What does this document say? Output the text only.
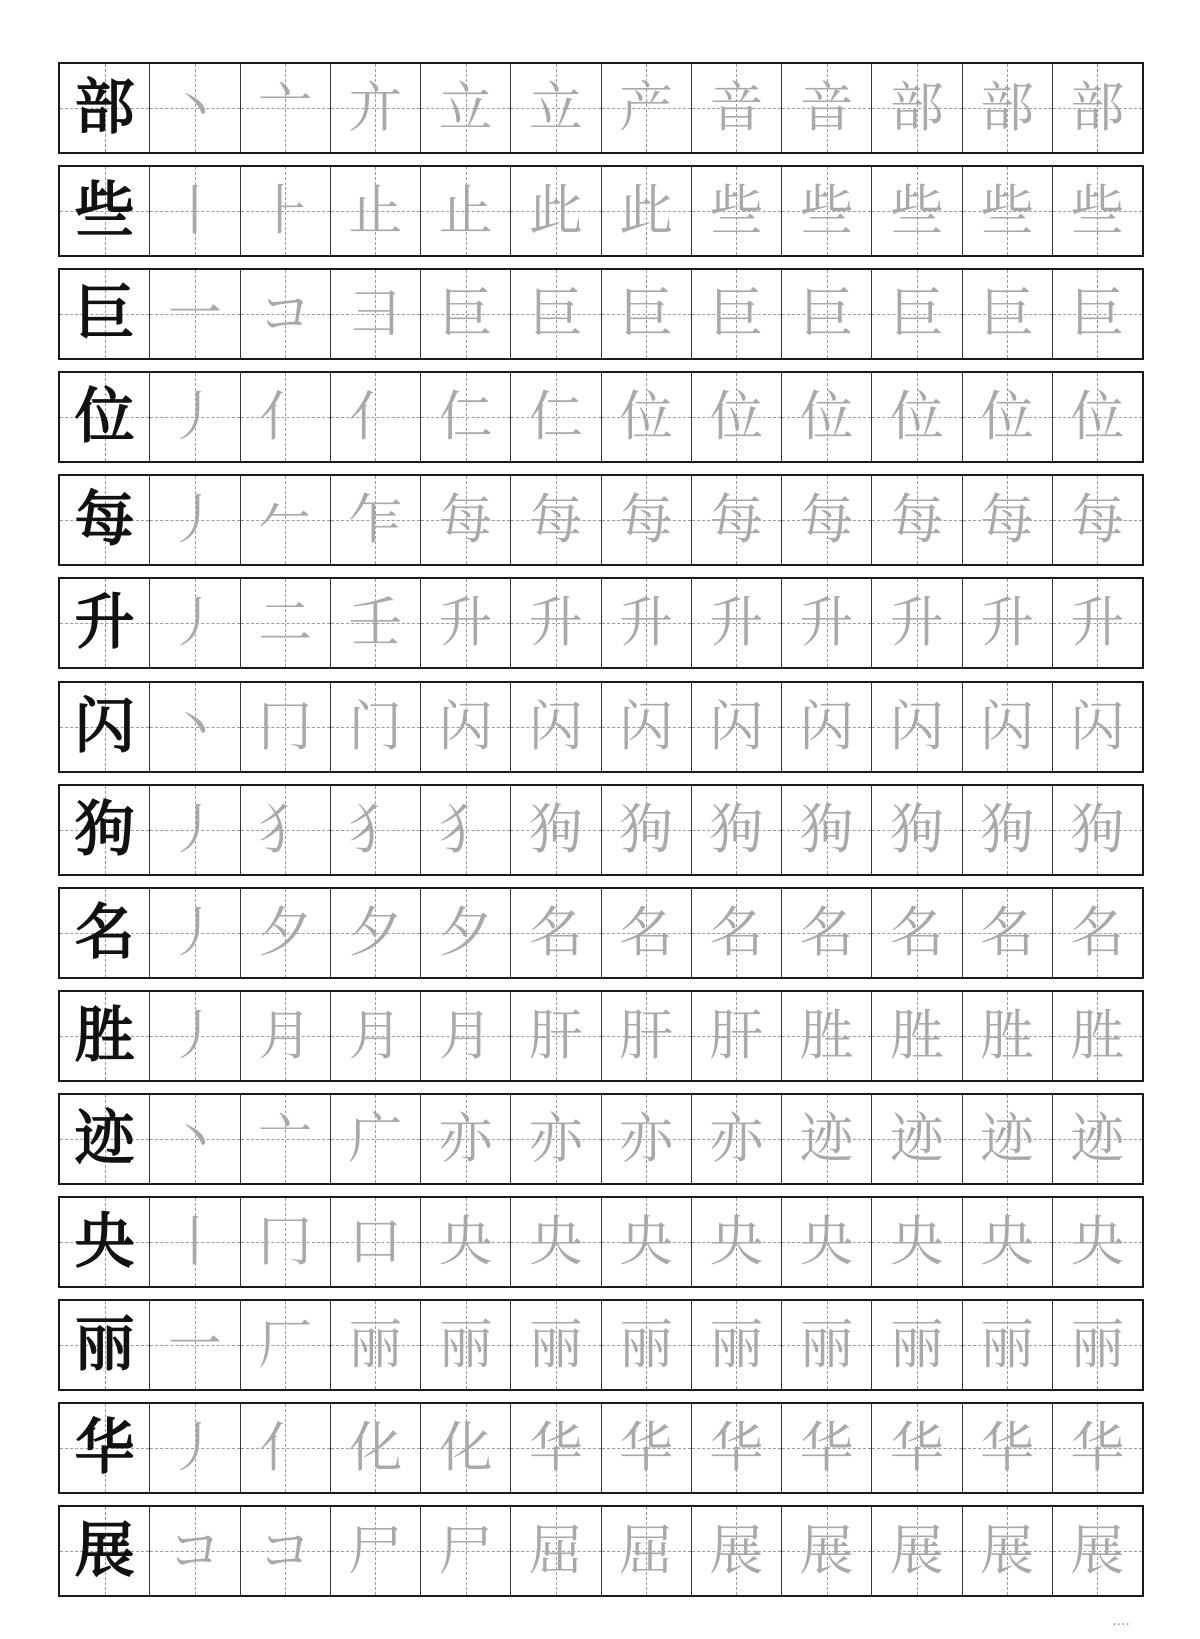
部 丶 亠 亣 立 立 产 音 音 部 部 部
些 丨 ⺊ 止 止 此 此 些 些 些 些 些
巨 一 コ 彐 巨 巨 巨 巨 巨 巨 巨 巨
位 丿 亻 亻 仁 仁 位 位 位 位 位 位
每 丿 𠂉 乍 每 每 每 每 每 每 每 每
升 丿 二 壬 升 升 升 升 升 升 升 升
闪 丶 冂 门 闪 闪 闪 闪 闪 闪 闪 闪
狗 丿 犭 犭 犭 狗 狗 狗 狗 狗 狗 狗
名 丿 夕 夕 夕 名 名 名 名 名 名 名
胜 丿 月 月 月 肝 肝 肝 胜 胜 胜 胜
迹 丶 亠 广 亦 亦 亦 亦 迹 迹 迹 迹
央 丨 冂 口 央 央 央 央 央 央 央 央
丽 一 厂 丽 丽 丽 丽 丽 丽 丽 丽 丽
华 丿 亻 化 化 华 华 华 华 华 华 华
展 コ コ 尸 尸 屈 屈 展 展 展 展 展
····
